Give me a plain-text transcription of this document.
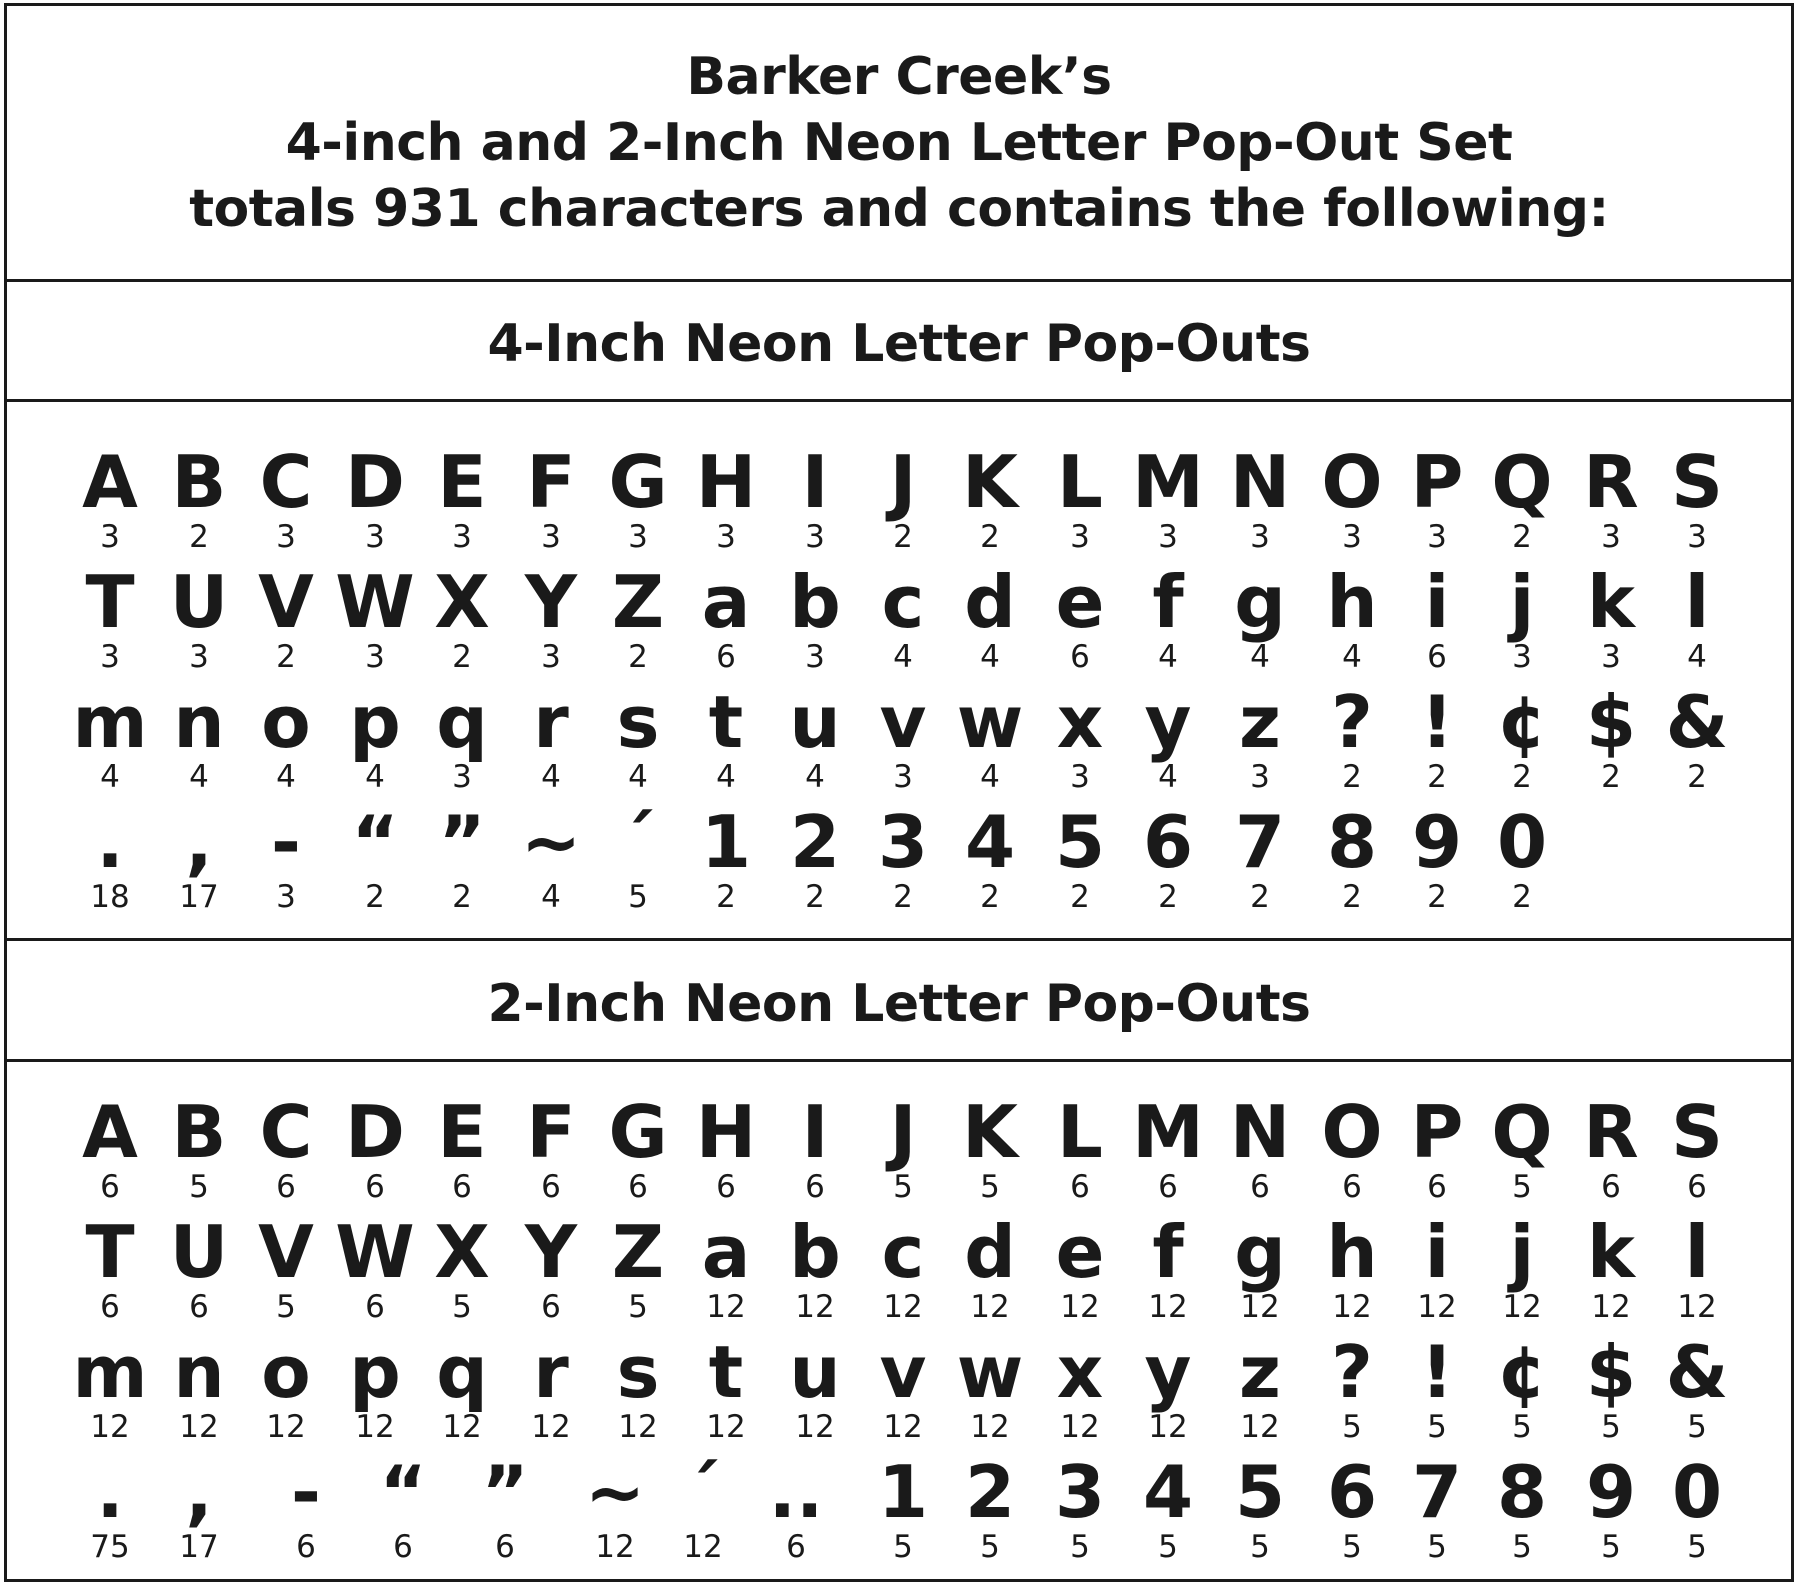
Barker Creek’s
4-inch and 2-Inch Neon Letter Pop-Out Set
totals 931 characters and contains the following:
4-Inch Neon Letter Pop-Outs
A
3
B
2
C
3
D
3
E
3
F
3
G
3
H
3
I
3
J
2
K
2
L
3
M
3
N
3
O
3
P
3
Q
2
R
3
S
3
T
3
U
3
V
2
W
3
X
2
Y
3
Z
2
a
6
b
3
c
4
d
4
e
6
f
4
g
4
h
4
i
6
j
3
k
3
l
4
m
4
n
4
o
4
p
4
q
3
r
4
s
4
t
4
u
4
v
3
w
4
x
3
y
4
z
3
?
2
!
2
¢
2
$
2
&
2
.
18
,
17
-
3
“
2
”
2
~
4
´
5
1
2
2
2
3
2
4
2
5
2
6
2
7
2
8
2
9
2
0
2
2-Inch Neon Letter Pop-Outs
A
6
B
5
C
6
D
6
E
6
F
6
G
6
H
6
I
6
J
5
K
5
L
6
M
6
N
6
O
6
P
6
Q
5
R
6
S
6
T
6
U
6
V
5
W
6
X
5
Y
6
Z
5
a
12
b
12
c
12
d
12
e
12
f
12
g
12
h
12
i
12
j
12
k
12
l
12
m
12
n
12
o
12
p
12
q
12
r
12
s
12
t
12
u
12
v
12
w
12
x
12
y
12
z
12
?
5
!
5
¢
5
$
5
&
5
.
75
,
17
-
6
“
6
”
6
~
12
´
12
..
6
1
5
2
5
3
5
4
5
5
5
6
5
7
5
8
5
9
5
0
5
